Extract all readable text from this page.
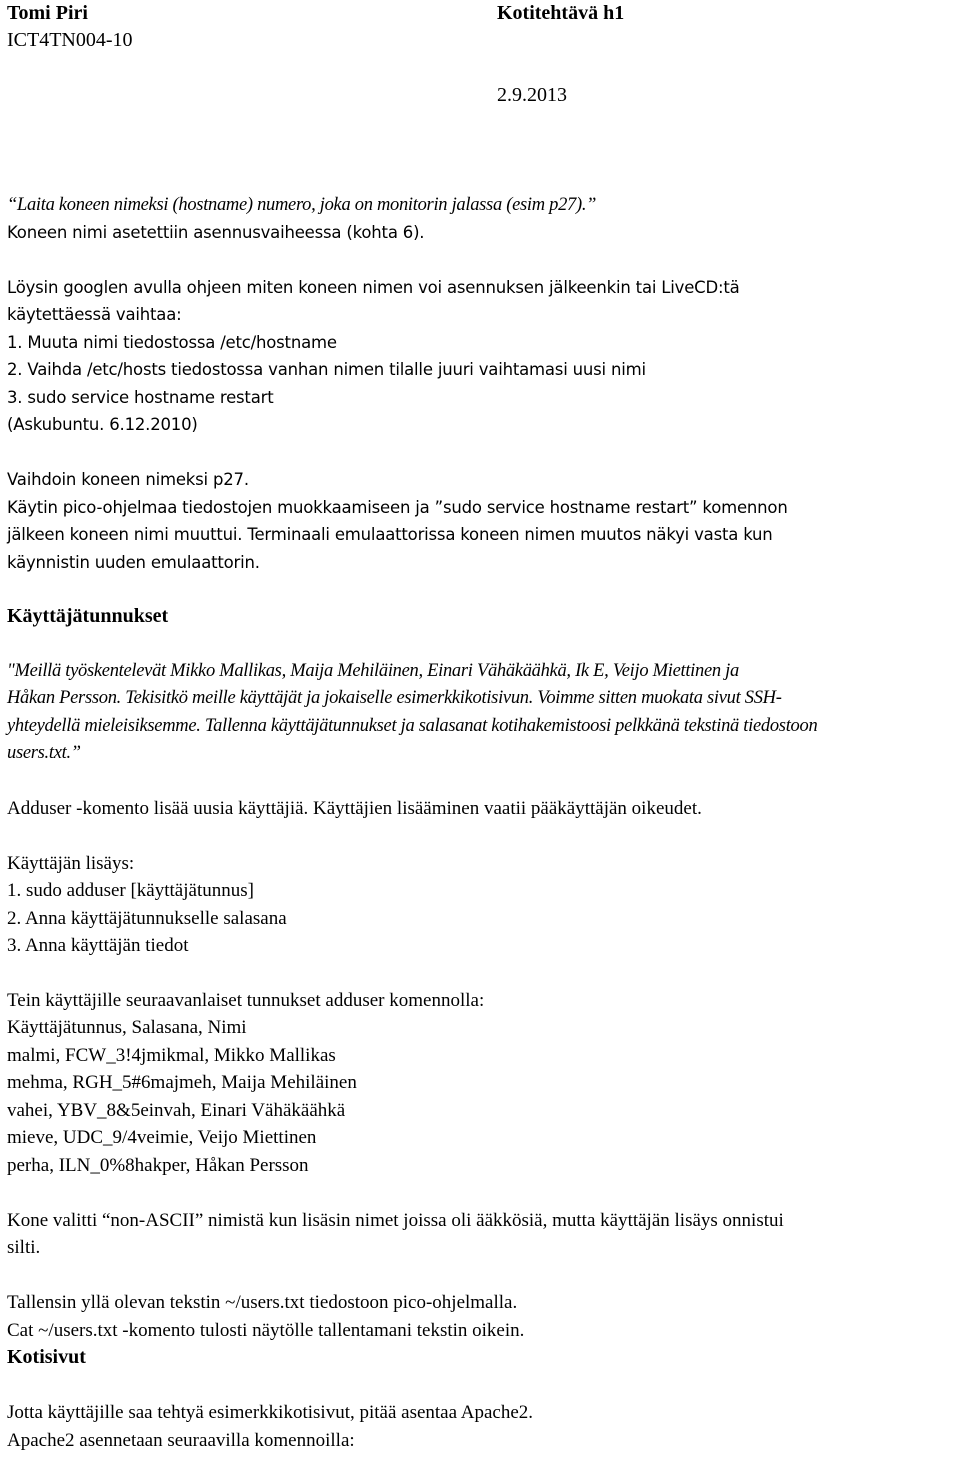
Tomi Piri	Kotitehtävä h1
ICT4TN004-10
2.9.2013
“Laita koneen nimeksi (hostname) numero, joka on monitorin jalassa (esim p27).”
Koneen nimi asetettiin asennusvaiheessa (kohta 6).
Löysin googlen avulla ohjeen miten koneen nimen voi asennuksen jälkeenkin tai LiveCD:tä
käytettäessä vaihtaa:
1. Muuta nimi tiedostossa /etc/hostname
2. Vaihda /etc/hosts tiedostossa vanhan nimen tilalle juuri vaihtamasi uusi nimi
3. sudo service hostname restart
(Askubuntu. 6.12.2010)
Vaihdoin koneen nimeksi p27.
Käytin pico-ohjelmaa tiedostojen muokkaamiseen ja ”sudo service hostname restart” komennon
jälkeen koneen nimi muuttui. Terminaali emulaattorissa koneen nimen muutos näkyi vasta kun
käynnistin uuden emulaattorin.
Käyttäjätunnukset
"Meillä työskentelevät Mikko Mallikas, Maija Mehiläinen, Einari Vähäkäähkä, Ik E, Veijo Miettinen ja
Håkan Persson. Tekisitkö meille käyttäjät ja jokaiselle esimerkkikotisivun. Voimme sitten muokata sivut SSH-
yhteydellä mieleisiksemme. Tallenna käyttäjätunnukset ja salasanat kotihakemistoosi pelkkänä tekstinä tiedostoon
users.txt.”
Adduser -komento lisää uusia käyttäjiä. Käyttäjien lisääminen vaatii pääkäyttäjän oikeudet.
Käyttäjän lisäys:
1. sudo adduser [käyttäjätunnus]
2. Anna käyttäjätunnukselle salasana
3. Anna käyttäjän tiedot
Tein käyttäjille seuraavanlaiset tunnukset adduser komennolla:
Käyttäjätunnus, Salasana, Nimi
malmi, FCW_3!4jmikmal, Mikko Mallikas
mehma, RGH_5#6majmeh, Maija Mehiläinen
vahei, YBV_8&5einvah, Einari Vähäkäähkä
mieve, UDC_9/4veimie, Veijo Miettinen
perha, ILN_0%8hakper, Håkan Persson
Kone valitti “non-ASCII” nimistä kun lisäsin nimet joissa oli ääkkösiä, mutta käyttäjän lisäys onnistui
silti.
Tallensin yllä olevan tekstin ~/users.txt tiedostoon pico-ohjelmalla.
Cat ~/users.txt -komento tulosti näytölle tallentamani tekstin oikein.
Kotisivut
Jotta käyttäjille saa tehtyä esimerkkikotisivut, pitää asentaa Apache2.
Apache2 asennetaan seuraavilla komennoilla:
